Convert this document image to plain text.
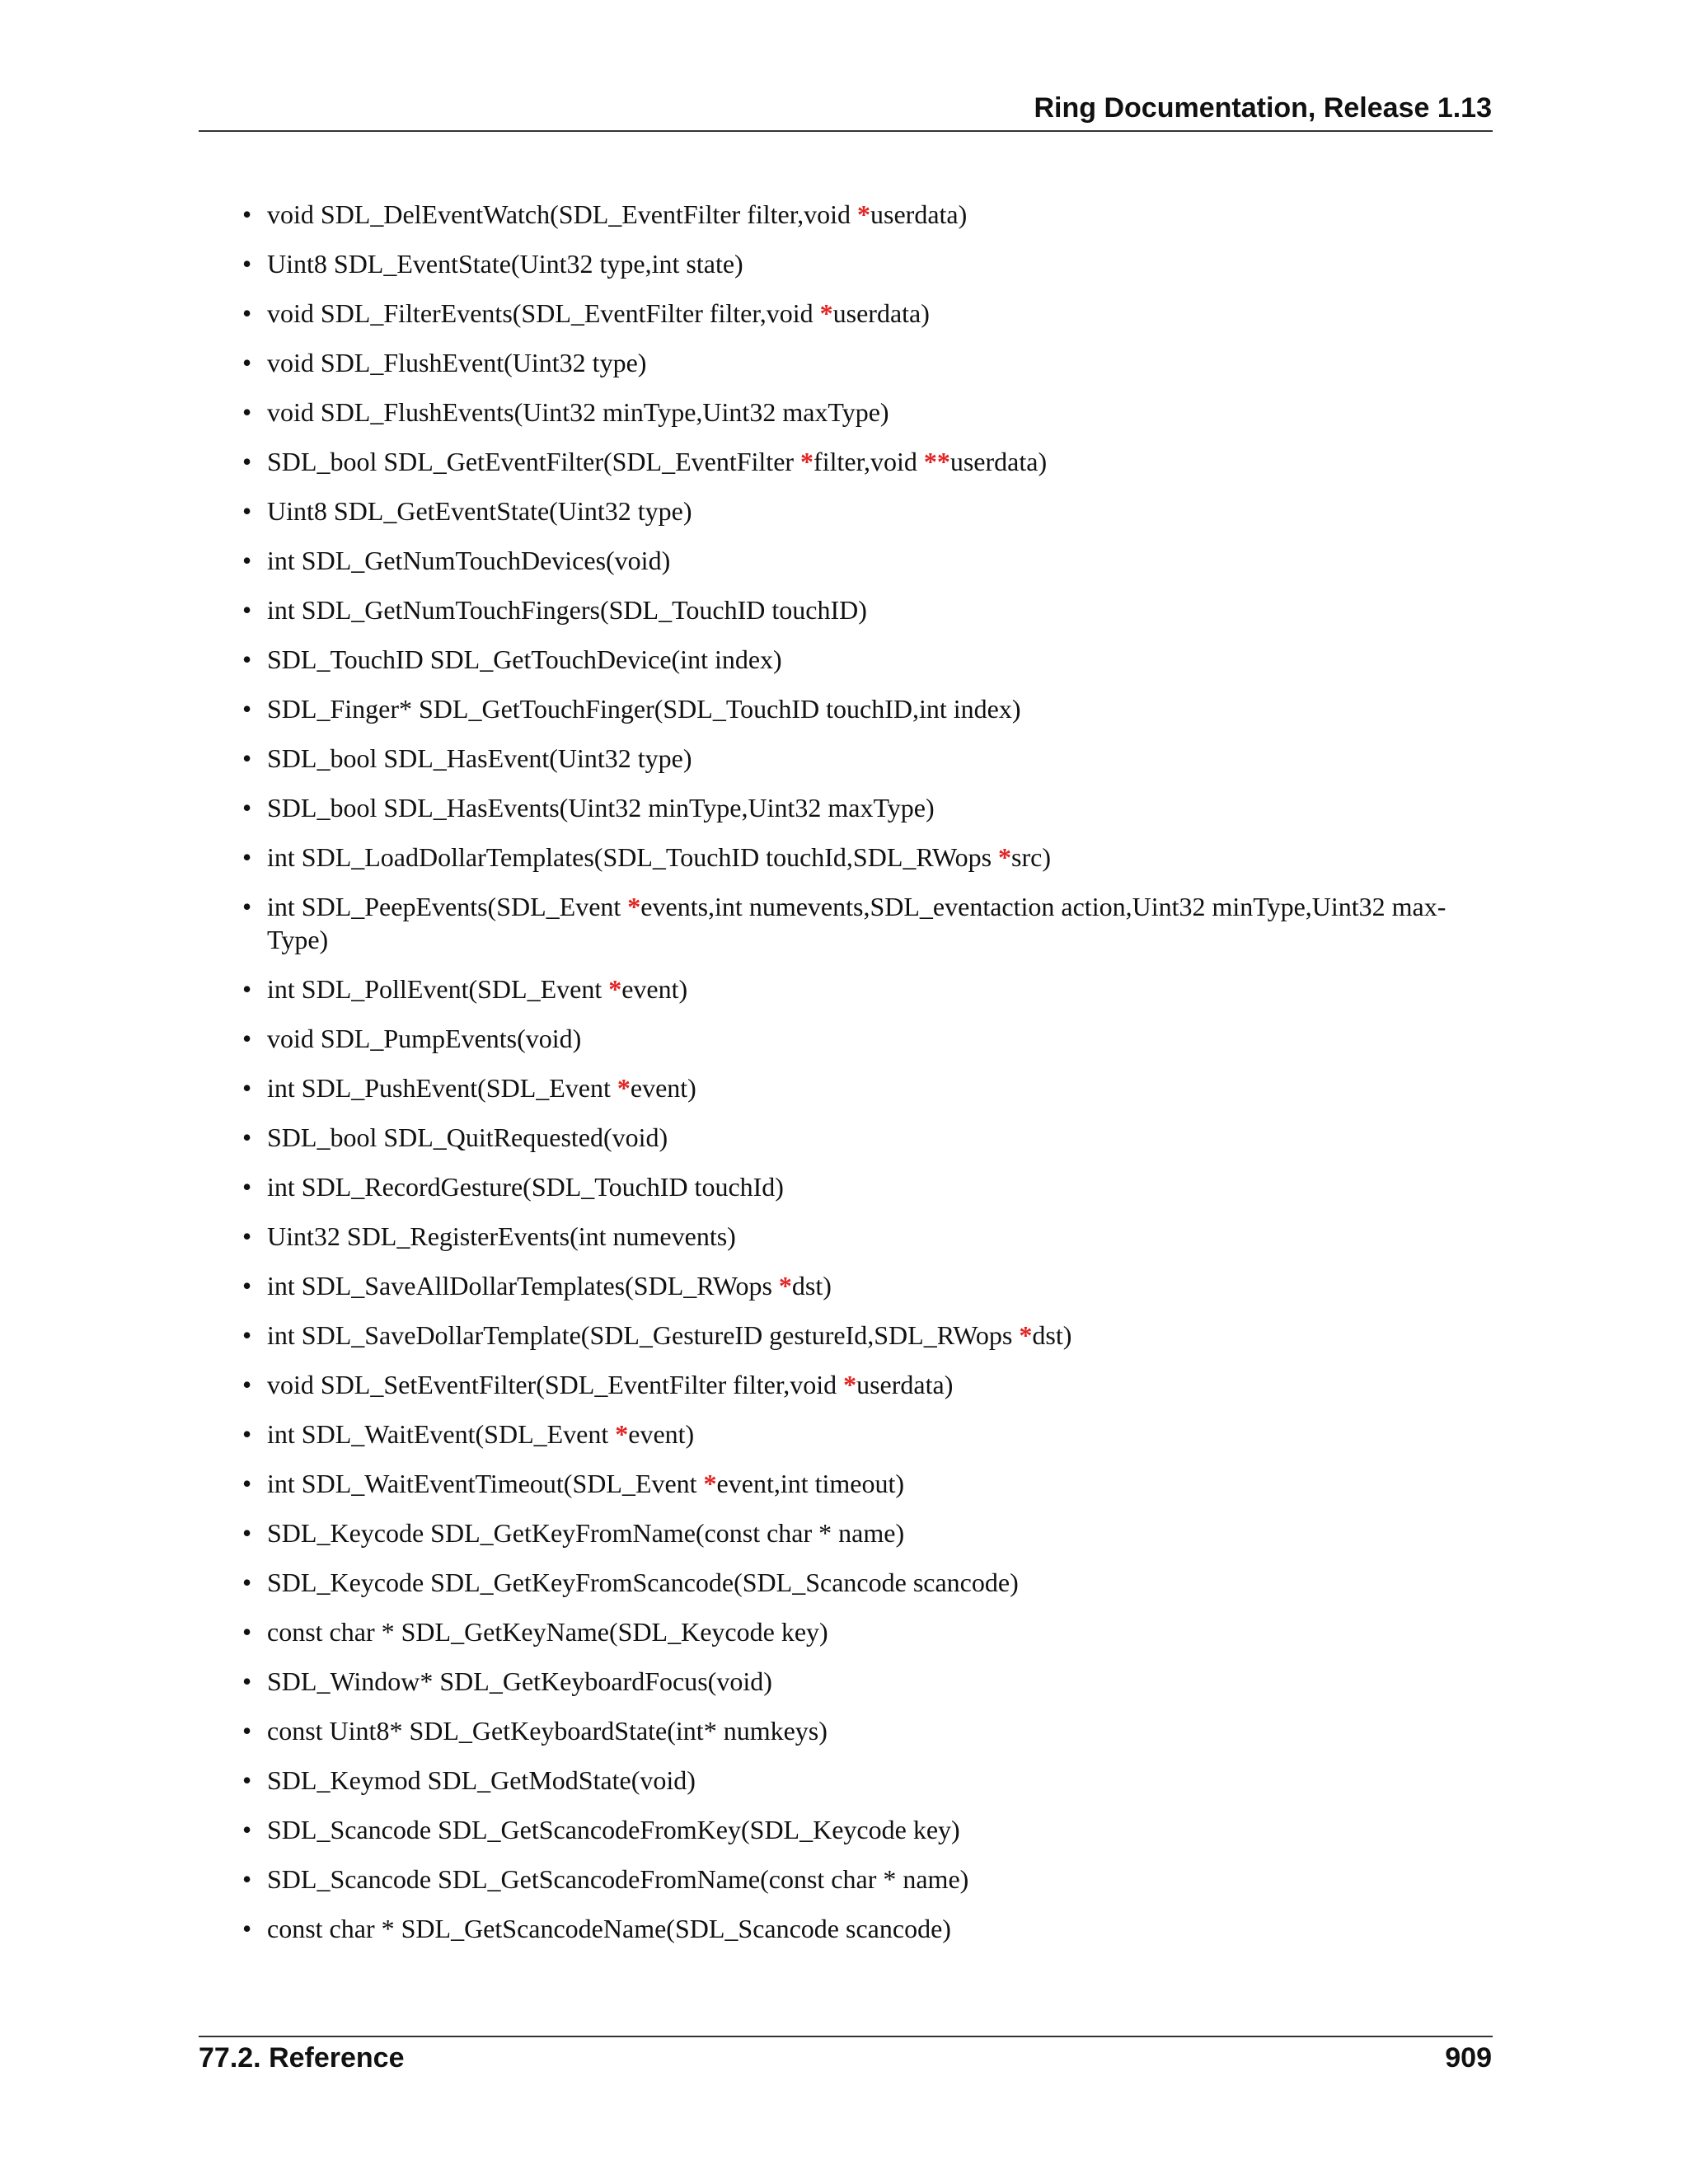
Ring Documentation, Release 1.13
• void SDL_DelEventWatch(SDL_EventFilter filter,void *userdata)
• Uint8 SDL_EventState(Uint32 type,int state)
• void SDL_FilterEvents(SDL_EventFilter filter,void *userdata)
• void SDL_FlushEvent(Uint32 type)
• void SDL_FlushEvents(Uint32 minType,Uint32 maxType)
• SDL_bool SDL_GetEventFilter(SDL_EventFilter *filter,void **userdata)
• Uint8 SDL_GetEventState(Uint32 type)
• int SDL_GetNumTouchDevices(void)
• int SDL_GetNumTouchFingers(SDL_TouchID touchID)
• SDL_TouchID SDL_GetTouchDevice(int index)
• SDL_Finger* SDL_GetTouchFinger(SDL_TouchID touchID,int index)
• SDL_bool SDL_HasEvent(Uint32 type)
• SDL_bool SDL_HasEvents(Uint32 minType,Uint32 maxType)
• int SDL_LoadDollarTemplates(SDL_TouchID touchId,SDL_RWops *src)
• int SDL_PeepEvents(SDL_Event *events,int numevents,SDL_eventaction action,Uint32 minType,Uint32 max-Type)
• int SDL_PollEvent(SDL_Event *event)
• void SDL_PumpEvents(void)
• int SDL_PushEvent(SDL_Event *event)
• SDL_bool SDL_QuitRequested(void)
• int SDL_RecordGesture(SDL_TouchID touchId)
• Uint32 SDL_RegisterEvents(int numevents)
• int SDL_SaveAllDollarTemplates(SDL_RWops *dst)
• int SDL_SaveDollarTemplate(SDL_GestureID gestureId,SDL_RWops *dst)
• void SDL_SetEventFilter(SDL_EventFilter filter,void *userdata)
• int SDL_WaitEvent(SDL_Event *event)
• int SDL_WaitEventTimeout(SDL_Event *event,int timeout)
• SDL_Keycode SDL_GetKeyFromName(const char * name)
• SDL_Keycode SDL_GetKeyFromScancode(SDL_Scancode scancode)
• const char * SDL_GetKeyName(SDL_Keycode key)
• SDL_Window* SDL_GetKeyboardFocus(void)
• const Uint8* SDL_GetKeyboardState(int* numkeys)
• SDL_Keymod SDL_GetModState(void)
• SDL_Scancode SDL_GetScancodeFromKey(SDL_Keycode key)
• SDL_Scancode SDL_GetScancodeFromName(const char * name)
• const char * SDL_GetScancodeName(SDL_Scancode scancode)
77.2. Reference	909
